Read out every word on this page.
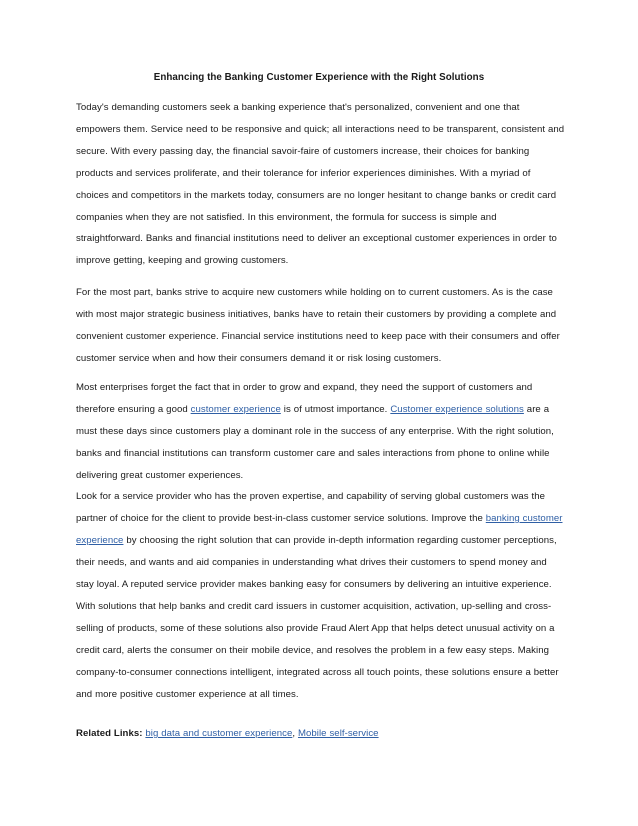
Enhancing the Banking Customer Experience with the Right Solutions

Today's demanding customers seek a banking experience that's personalized, convenient and one that empowers them. Service need to be responsive and quick; all interactions need to be transparent, consistent and secure. With every passing day, the financial savoir-faire of customers increase, their choices for banking products and services proliferate, and their tolerance for inferior experiences diminishes. With a myriad of choices and competitors in the markets today, consumers are no longer hesitant to change banks or credit card companies when they are not satisfied. In this environment, the formula for success is simple and straightforward. Banks and financial institutions need to deliver an exceptional customer experiences in order to improve getting, keeping and growing customers.

For the most part, banks strive to acquire new customers while holding on to current customers. As is the case with most major strategic business initiatives, banks have to retain their customers by providing a complete and convenient customer experience. Financial service institutions need to keep pace with their consumers and offer customer service when and how their consumers demand it or risk losing customers.

Most enterprises forget the fact that in order to grow and expand, they need the support of customers and therefore ensuring a good customer experience is of utmost importance. Customer experience solutions are a must these days since customers play a dominant role in the success of any enterprise. With the right solution, banks and financial institutions can transform customer care and sales interactions from phone to online while delivering great customer experiences.

Look for a service provider who has the proven expertise, and capability of serving global customers was the partner of choice for the client to provide best-in-class customer service solutions. Improve the banking customer experience by choosing the right solution that can provide in-depth information regarding customer perceptions, their needs, and wants and aid companies in understanding what drives their customers to spend money and stay loyal. A reputed service provider makes banking easy for consumers by delivering an intuitive experience.

With solutions that help banks and credit card issuers in customer acquisition, activation, up-selling and cross-selling of products, some of these solutions also provide Fraud Alert App that helps detect unusual activity on a credit card, alerts the consumer on their mobile device, and resolves the problem in a few easy steps. Making company-to-consumer connections intelligent, integrated across all touch points, these solutions ensure a better and more positive customer experience at all times.

Related Links: big data and customer experience, Mobile self-service
